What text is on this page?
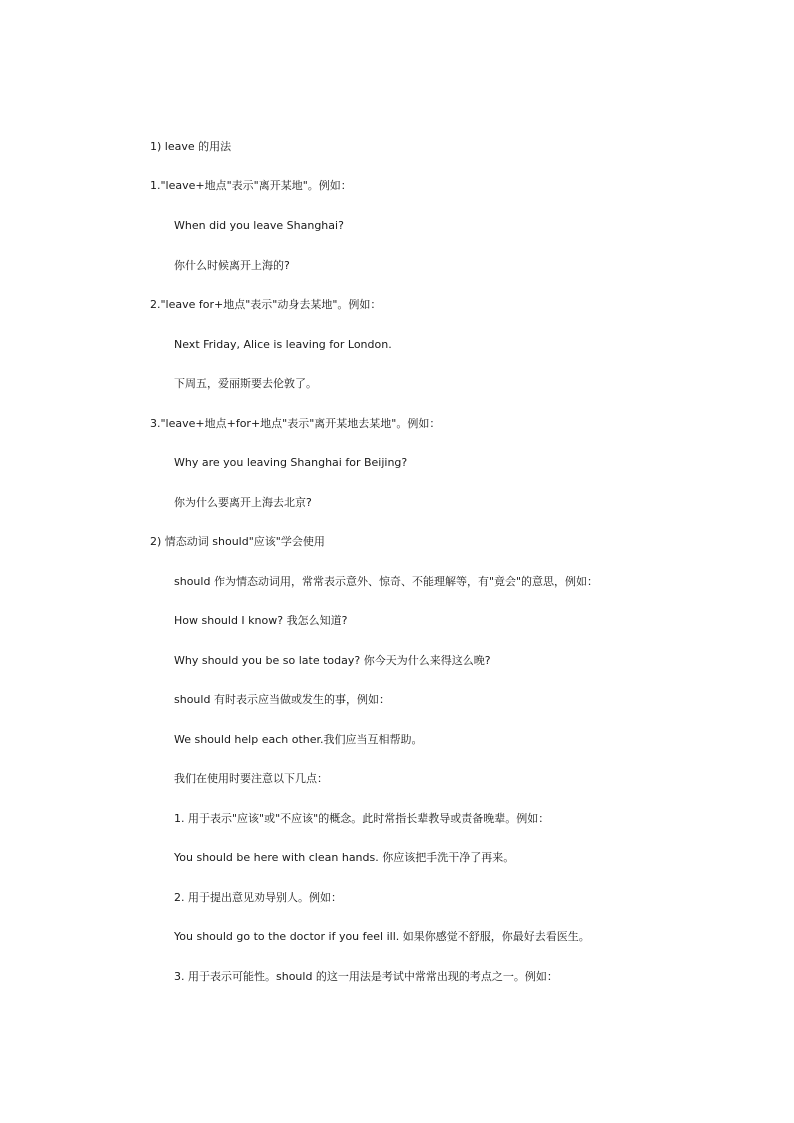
1) leave 的用法
1."leave+地点"表示"离开某地"。例如：
When did you leave Shanghai?
你什么时候离开上海的?
2."leave for+地点"表示"动身去某地"。例如：
Next Friday, Alice is leaving for London.
下周五，爱丽斯要去伦敦了。
3."leave+地点+for+地点"表示"离开某地去某地"。例如：
Why are you leaving Shanghai for Beijing?
你为什么要离开上海去北京?
2) 情态动词 should"应该"学会使用
should 作为情态动词用，常常表示意外、惊奇、不能理解等，有"竟会"的意思，例如：
How should I know? 我怎么知道?
Why should you be so late today? 你今天为什么来得这么晚?
should 有时表示应当做或发生的事，例如：
We should help each other.我们应当互相帮助。
我们在使用时要注意以下几点：
1. 用于表示"应该"或"不应该"的概念。此时常指长辈教导或责备晚辈。例如：
You should be here with clean hands. 你应该把手洗干净了再来。
2. 用于提出意见劝导别人。例如：
You should go to the doctor if you feel ill. 如果你感觉不舒服，你最好去看医生。
3. 用于表示可能性。should 的这一用法是考试中常常出现的考点之一。例如：
